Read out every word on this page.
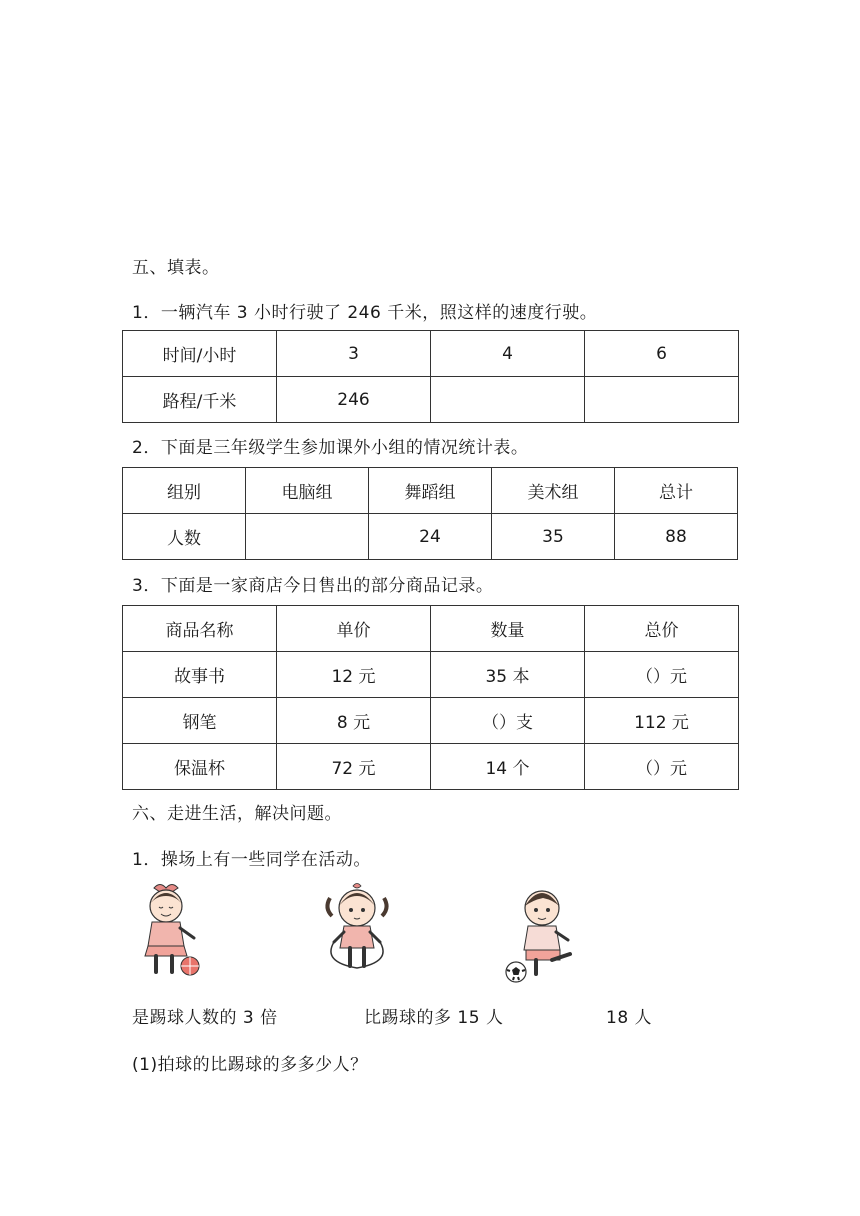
五、填表。
1．一辆汽车 3 小时行驶了 246 千米，照这样的速度行驶。
时间/小时	3	4	6
路程/千米	246		
2．下面是三年级学生参加课外小组的情况统计表。
组别	电脑组	舞蹈组	美术组	总计
人数		24	35	88
3．下面是一家商店今日售出的部分商品记录。
商品名称	单价	数量	总价
故事书	12 元	35 本	（）元
钢笔	8 元	（）支	112 元
保温杯	72 元	14 个	（）元
六、走进生活，解决问题。
1．操场上有一些同学在活动。
是踢球人数的 3 倍	比踢球的多 15 人	18 人
(1)拍球的比踢球的多多少人？
